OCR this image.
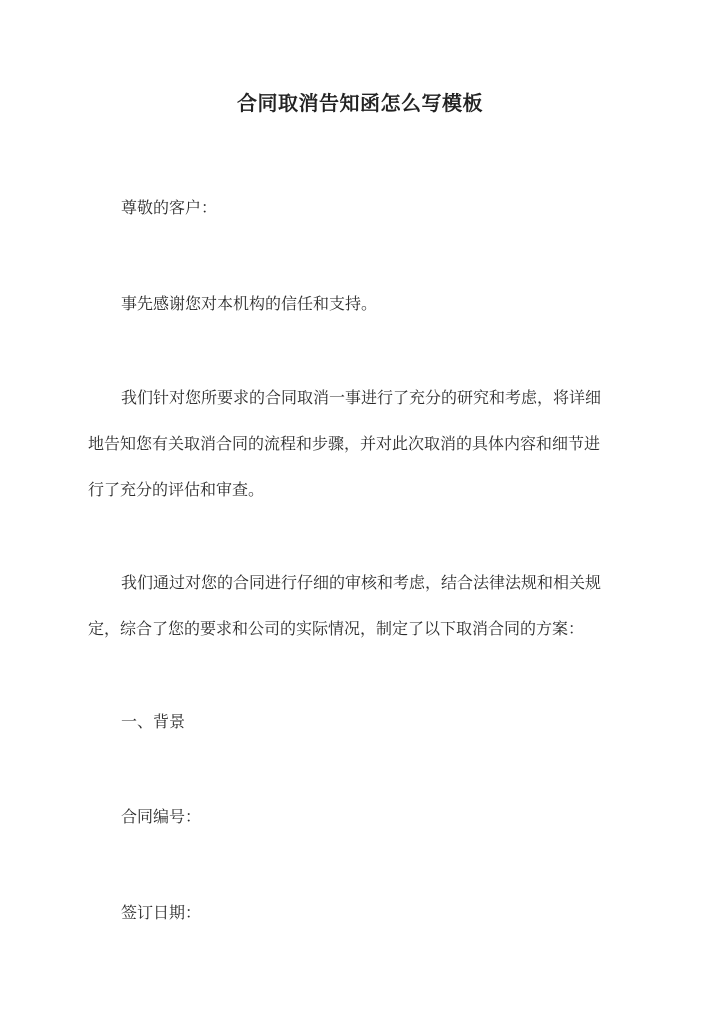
合同取消告知函怎么写模板
尊敬的客户：
事先感谢您对本机构的信任和支持。
我们针对您所要求的合同取消一事进行了充分的研究和考虑，将详细
地告知您有关取消合同的流程和步骤，并对此次取消的具体内容和细节进
行了充分的评估和审查。
我们通过对您的合同进行仔细的审核和考虑，结合法律法规和相关规
定，综合了您的要求和公司的实际情况，制定了以下取消合同的方案：
一、背景
合同编号：
签订日期：
